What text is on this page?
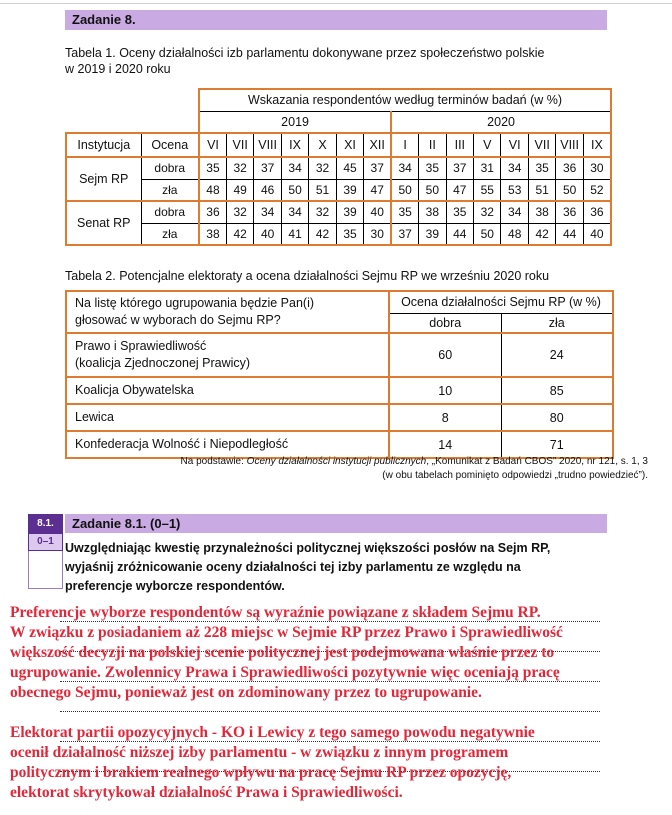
Zadanie 8.
Tabela 1. Oceny działalności izb parlamentu dokonywane przez społeczeństwo polskie
w 2019 i 2020 roku
		Wskazania respondentów według terminów badań (w %)														
		2019							2020							
Instytucja	Ocena	VI	VII	VIII	IX	X	XI	XII	I	II	III	V	VI	VII	VIII	IX
Sejm RP	dobra	35	32	37	34	32	45	37	34	35	37	31	34	35	36	30
	zła	48	49	46	50	51	39	47	50	50	47	55	53	51	50	52
Senat RP	dobra	36	32	34	34	32	39	40	35	38	35	32	34	38	36	36
	zła	38	42	40	41	42	35	30	37	39	44	50	48	42	44	40
Tabela 2. Potencjalne elektoraty a ocena działalności Sejmu RP we wrześniu 2020 roku
Na listę którego ugrupowania będzie Pan(i)
głosować w wyborach do Sejmu RP?	Ocena działalności Sejmu RP (w %)	
	dobra	zła

Prawo i Sprawiedliwość
(koalicja Zjednoczonej Prawicy)	60	24

Koalicja Obywatelska	10	85

Lewica	8	80

Konfederacja Wolność i Niepodległość	14	71
Na podstawie: Oceny działalności instytucji publicznych, „Komunikat z Badań CBOS” 2020, nr 121, s. 1, 3
(w obu tabelach pominięto odpowiedzi „trudno powiedzieć”).
8.1.
0–1
Zadanie 8.1. (0–1)
Uwzględniając kwestię przynależności politycznej większości posłów na Sejm RP,
wyjaśnij zróżnicowanie oceny działalności tej izby parlamentu ze względu na
preferencje wyborcze respondentów.
Preferencje wyborze respondentów są wyraźnie powiązane z składem Sejmu RP.
W związku z posiadaniem aż 228 miejsc w Sejmie RP przez Prawo i Sprawiedliwość
większość decyzji na polskiej scenie politycznej jest podejmowana właśnie przez to
ugrupowanie. Zwolennicy Prawa i Sprawiedliwości pozytywnie więc oceniają pracę
obecnego Sejmu, ponieważ jest on zdominowany przez to ugrupowanie.
Elektorat partii opozycyjnych - KO i Lewicy z tego samego powodu negatywnie
ocenił działalność niższej izby parlamentu - w związku z innym programem
politycznym i brakiem realnego wpływu na pracę Sejmu RP przez opozycję,
elektorat skrytykował działalność Prawa i Sprawiedliwości.
